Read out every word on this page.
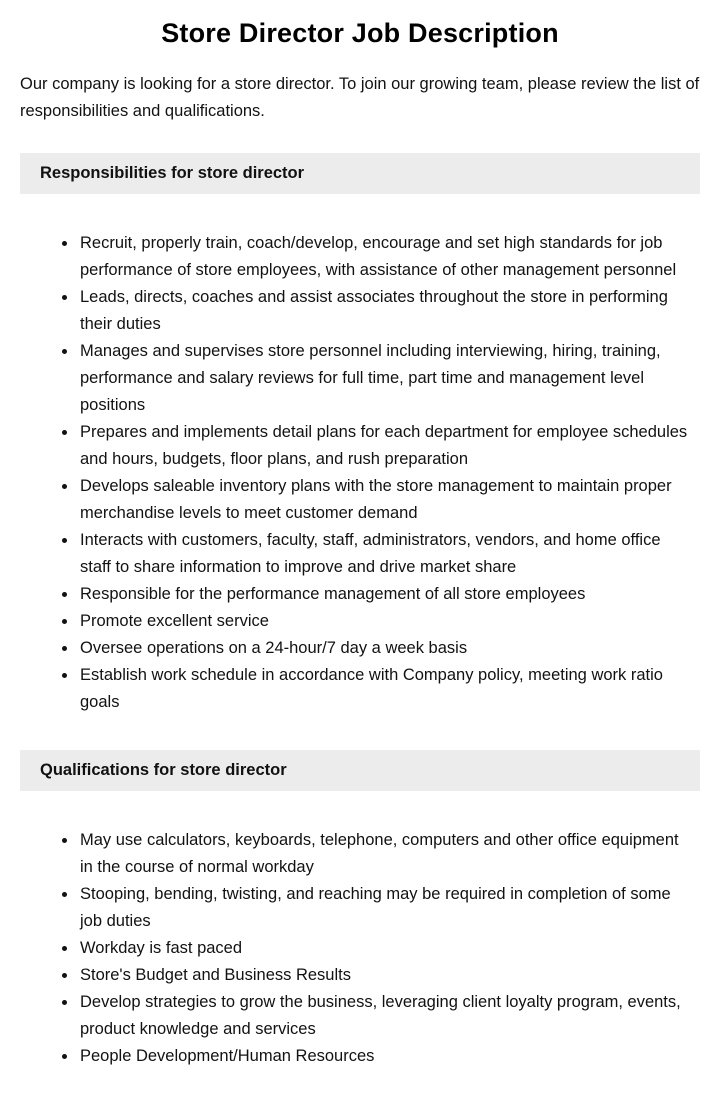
Store Director Job Description

Our company is looking for a store director. To join our growing team, please review the list of responsibilities and qualifications.

Responsibilities for store director
Recruit, properly train, coach/develop, encourage and set high standards for job performance of store employees, with assistance of other management personnel
Leads, directs, coaches and assist associates throughout the store in performing their duties
Manages and supervises store personnel including interviewing, hiring, training, performance and salary reviews for full time, part time and management level positions
Prepares and implements detail plans for each department for employee schedules and hours, budgets, floor plans, and rush preparation
Develops saleable inventory plans with the store management to maintain proper merchandise levels to meet customer demand
Interacts with customers, faculty, staff, administrators, vendors, and home office staff to share information to improve and drive market share
Responsible for the performance management of all store employees
Promote excellent service
Oversee operations on a 24-hour/7 day a week basis
Establish work schedule in accordance with Company policy, meeting work ratio goals
Qualifications for store director
May use calculators, keyboards, telephone, computers and other office equipment in the course of normal workday
Stooping, bending, twisting, and reaching may be required in completion of some job duties
Workday is fast paced
Store's Budget and Business Results
Develop strategies to grow the business, leveraging client loyalty program, events, product knowledge and services
People Development/Human Resources
